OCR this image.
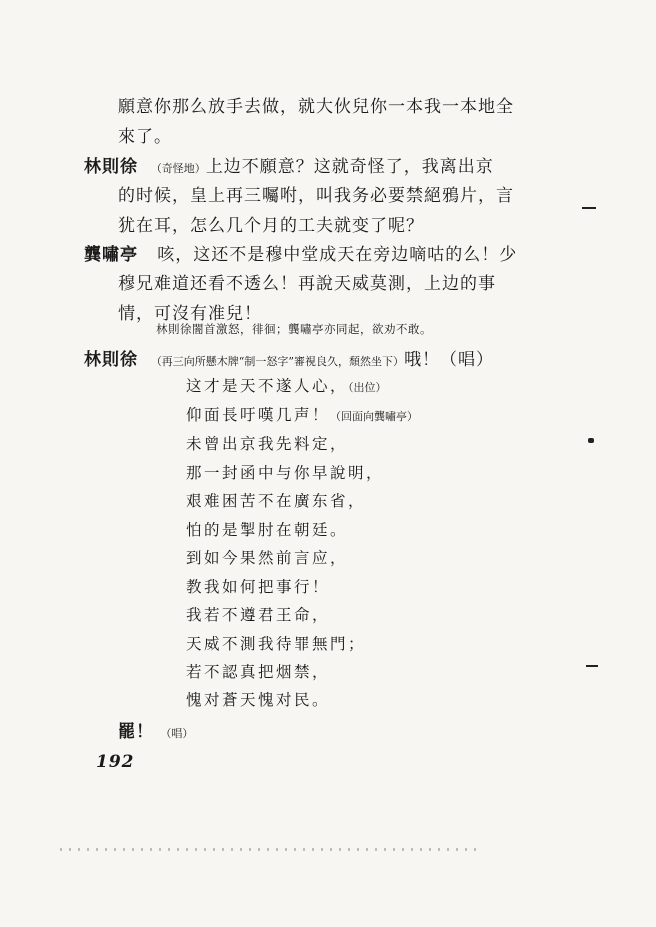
願意你那么放手去做，就大伙兒你一本我一本地全
來了。
林則徐 （奇怪地）上边不願意？这就奇怪了，我离出京
的时候，皇上再三囑咐，叫我务必要禁絕鴉片，言
犹在耳，怎么几个月的工夫就变了呢？
龔嘯亭 咳，这还不是穆中堂成天在旁边嘀咕的么！少
穆兄难道还看不透么！再說天威莫測，上边的事
情，可沒有准兒！
林則徐闇首激怒，徘徊；龔嘯亭亦同起，欲劝不敢。
林則徐 （再三向所懸木牌“制一怒字”審視良久，頹然坐下）哦！（唱）
这才是天不遂人心，（出位）
仰面長吁嘆几声！（回面向龔嘯亭）
未曾出京我先料定，
那一封函中与你早說明，
艰难困苦不在廣东省，
怕的是掣肘在朝廷。
到如今果然前言应，
教我如何把事行！
我若不遵君王命，
天威不測我待罪無門；
若不認真把烟禁，
愧对蒼天愧对民。
罷！ （唱）
192
